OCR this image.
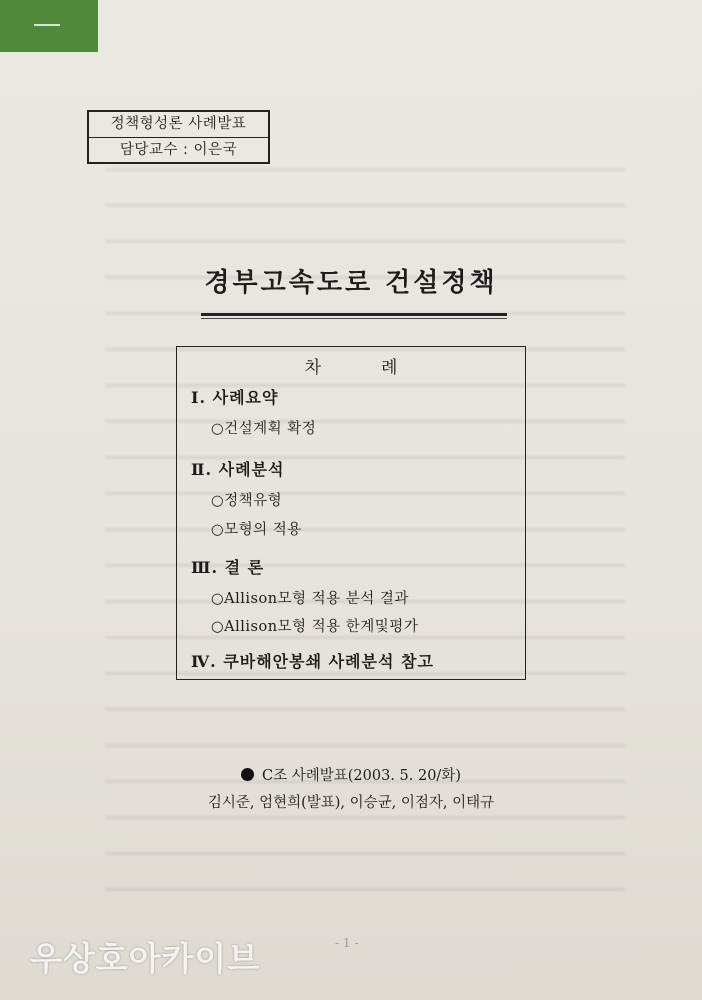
정책형성론 사례발표
담당교수 : 이은국
경부고속도로 건설정책
차례
Ⅰ. 사례요약
○건설계획 확정
Ⅱ. 사례분석
○정책유형
○모형의 적용
Ⅲ. 결 론
○Allison모형 적용 분석 결과
○Allison모형 적용 한계및평가
Ⅳ. 쿠바해안봉쇄 사례분석 참고
C조 사례발표(2003. 5. 20/화)
김시준, 엄현희(발표), 이승균, 이점자, 이태규
- 1 -
우상호아카이브
